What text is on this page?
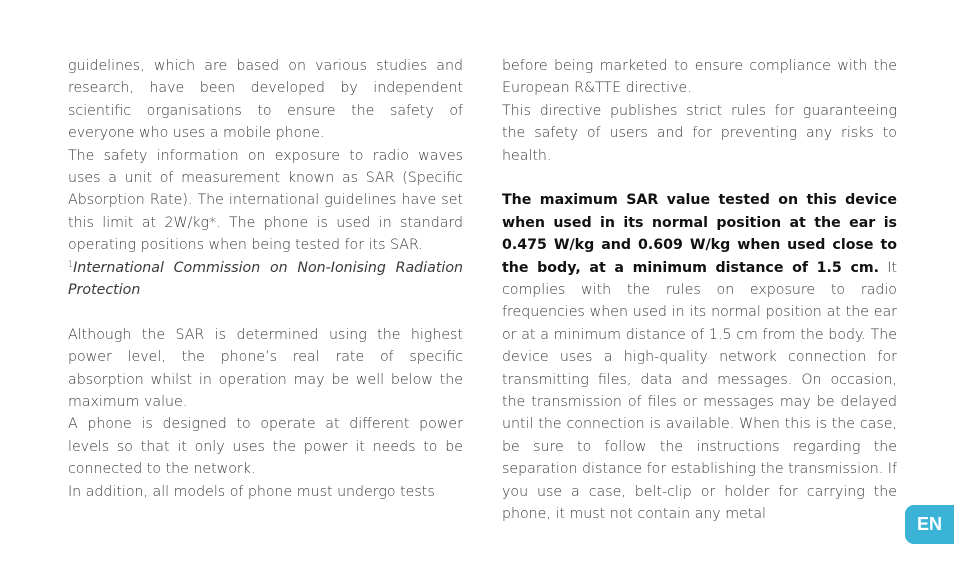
guidelines, which are based on various studies and research, have been developed by independent scientific organisations to ensure the safety of everyone who uses a mobile phone.

The safety information on exposure to radio waves uses a unit of measurement known as SAR (Specific Absorption Rate). The international guidelines have set this limit at 2W/kg*. The phone is used in standard operating positions when being tested for its SAR.

$^1$International Commission on Non-Ionising Radiation Protection

Although the SAR is determined using the highest power level, the phone’s real rate of specific absorption whilst in operation may be well below the maximum value.

A phone is designed to operate at different power levels so that it only uses the power it needs to be connected to the network.

In addition, all models of phone must undergo tests

before being marketed to ensure compliance with the European R&TTE directive.

This directive publishes strict rules for guaranteeing the safety of users and for preventing any risks to health.

The maximum SAR value tested on this device when used in its normal position at the ear is 0.475 W/kg and 0.609 W/kg when used close to the body, at a minimum distance of 1.5 cm. It complies with the rules on exposure to radio frequencies when used in its normal position at the ear or at a minimum distance of 1.5 cm from the body. The device uses a high-quality network connection for transmitting files, data and messages. On occasion, the transmission of files or messages may be delayed until the connection is available. When this is the case, be sure to follow the instructions regarding the separation distance for establishing the transmission. If you use a case, belt-clip or holder for carrying the phone, it must not contain any metal	EN
